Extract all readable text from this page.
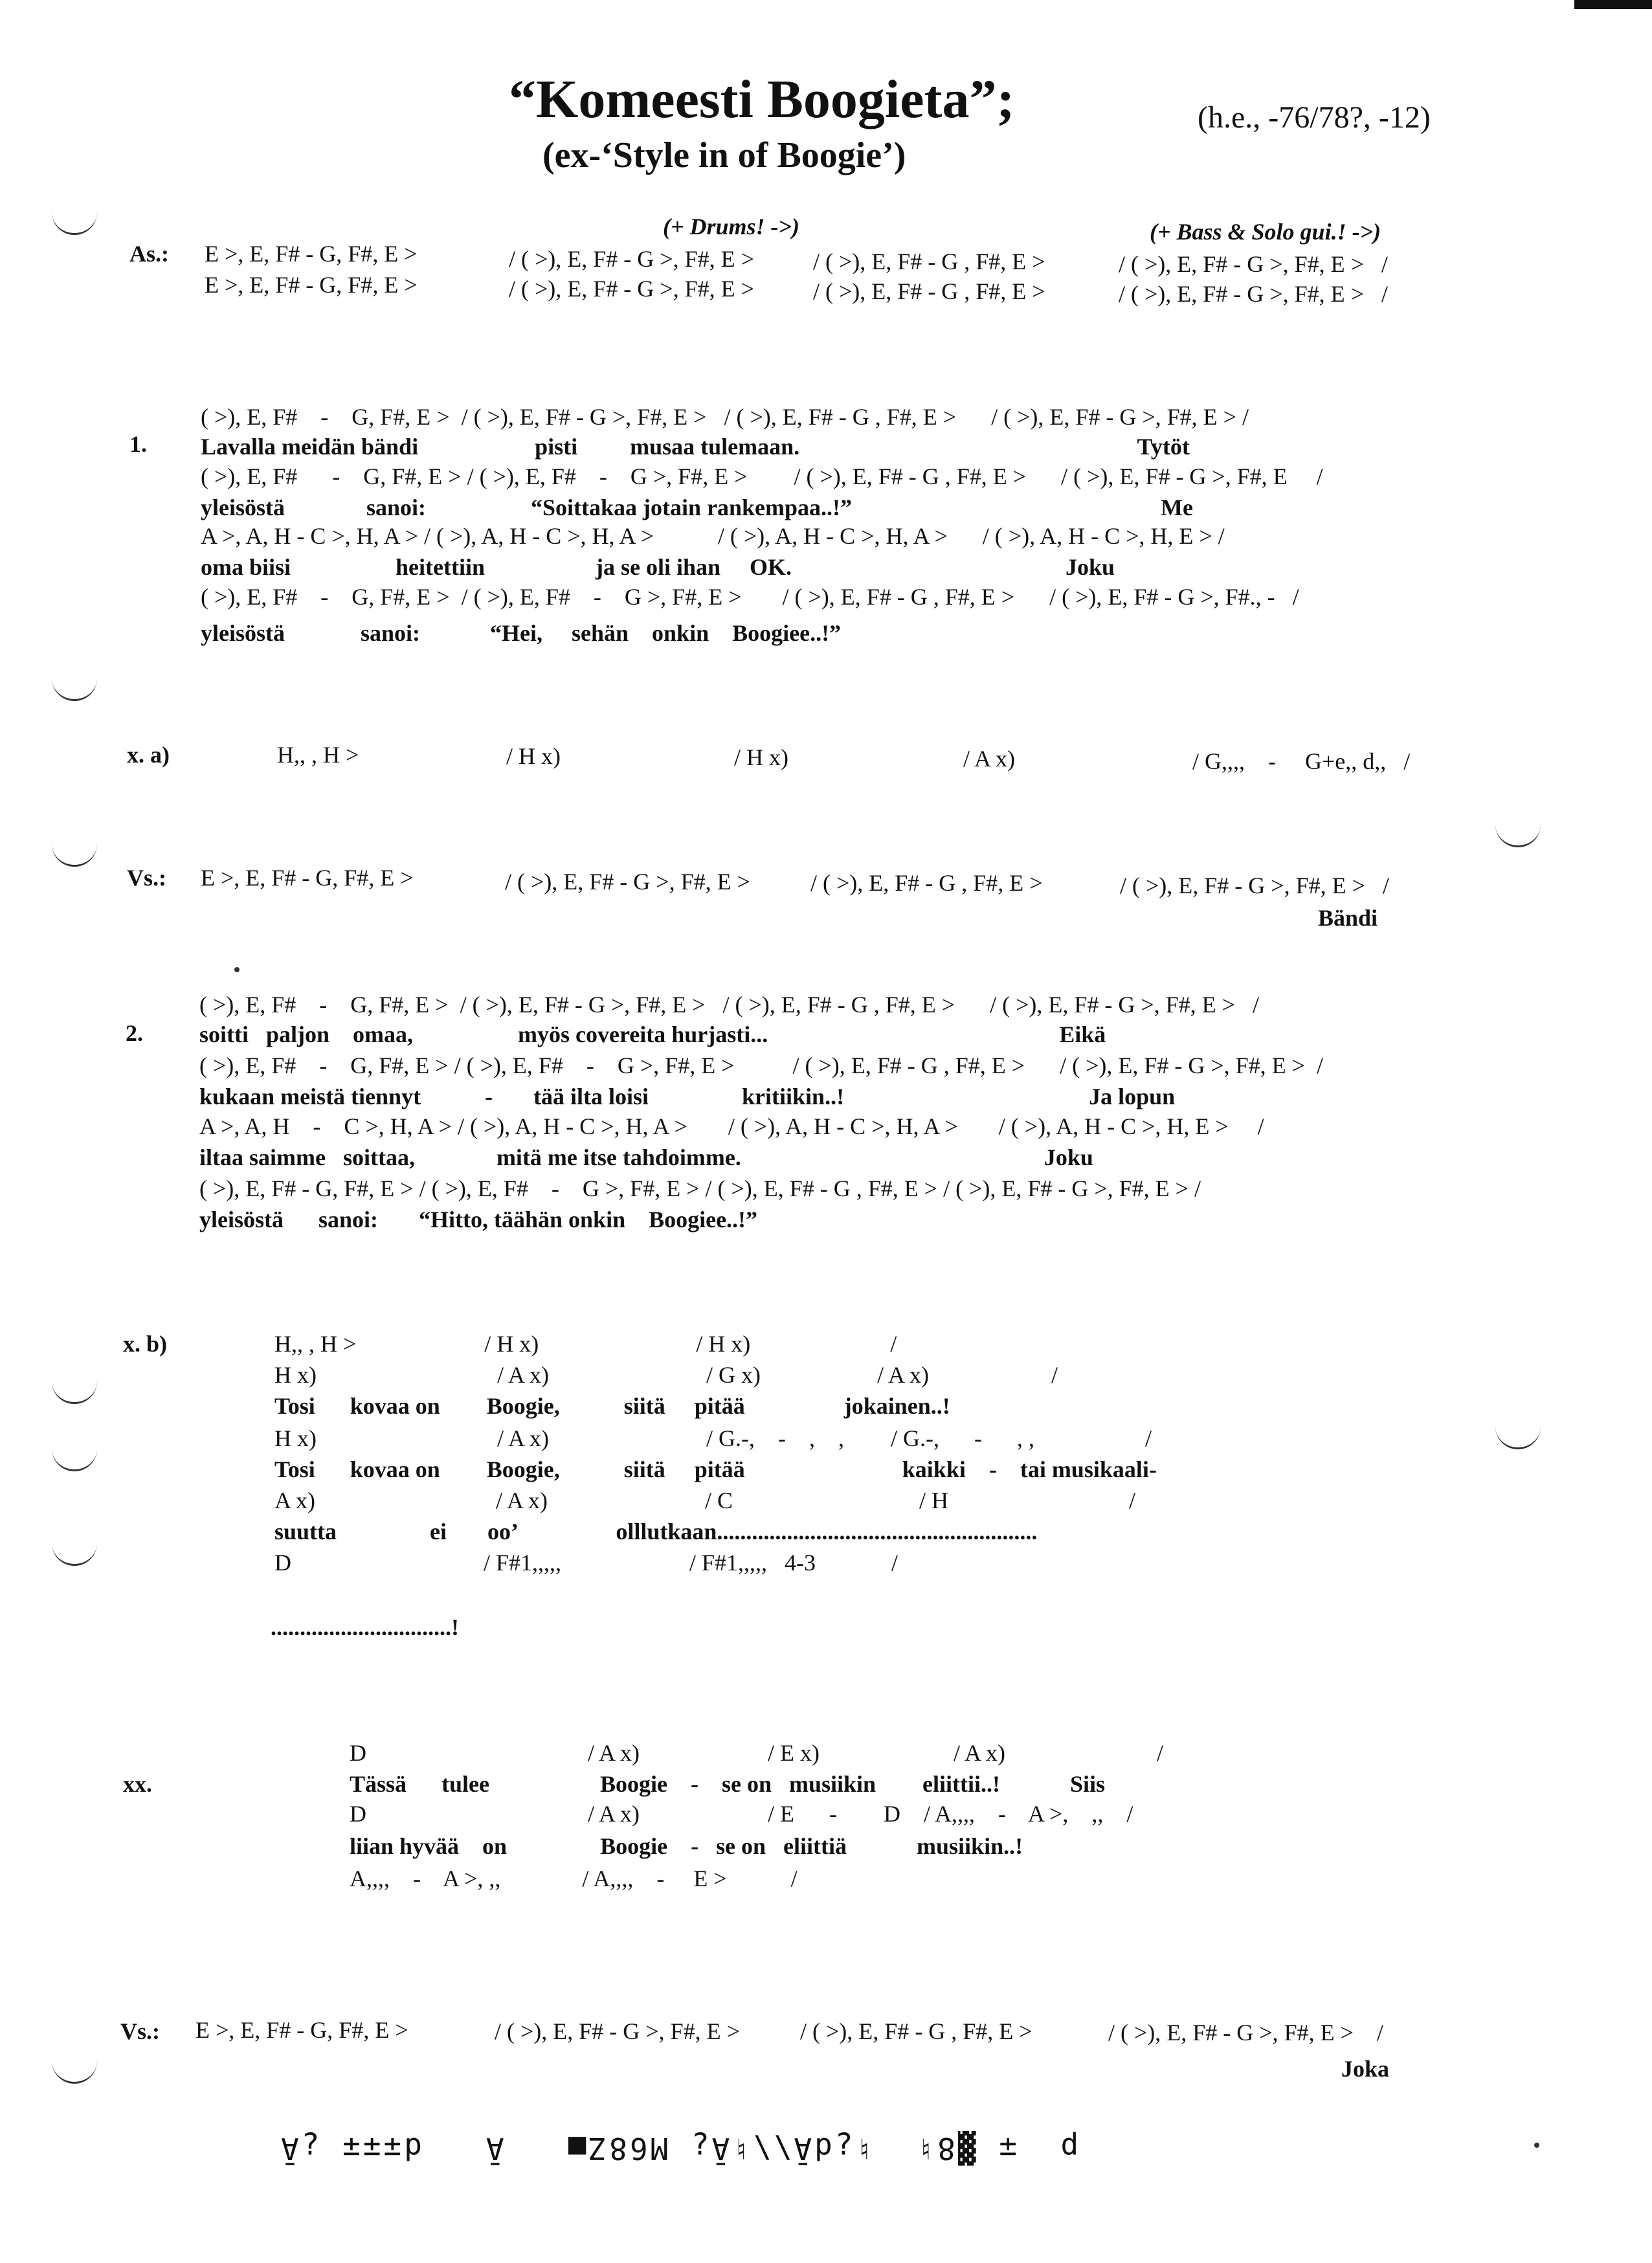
“Komeesti Boogieta”;
(ex-‘Style in of Boogie’)
(h.e., -76/78?, -12)
As.:
(+ Drums! ->)	(+ Bass & Solo gui.! ->)
E >, E, F# - G, F#, E >	/ ( >), E, F# - G >, F#, E >	/ ( >), E, F# - G , F#, E >	/ ( >), E, F# - G >, F#, E >   /
E >, E, F# - G, F#, E >	/ ( >), E, F# - G >, F#, E >	/ ( >), E, F# - G , F#, E >	/ ( >), E, F# - G >, F#, E >   /
1.
( >), E, F#    -    G, F#, E >  / ( >), E, F# - G >, F#, E >   / ( >), E, F# - G , F#, E >      / ( >), E, F# - G >, F#, E > /
Lavalla meidän bändi                    pisti         musaa tulemaan.                                                          Tytöt
( >), E, F#      -    G, F#, E > / ( >), E, F#    -    G >, F#, E >        / ( >), E, F# - G , F#, E >      / ( >), E, F# - G >, F#, E     /
yleisöstä              sanoi:                  “Soittakaa jotain rankempaa..!”                                                     Me
A >, A, H - C >, H, A > / ( >), A, H - C >, H, A >           / ( >), A, H - C >, H, A >      / ( >), A, H - C >, H, E > /
oma biisi                  heitettiin                   ja se oli ihan     OK.                                               Joku
( >), E, F#    -    G, F#, E >  / ( >), E, F#    -    G >, F#, E >       / ( >), E, F# - G , F#, E >      / ( >), E, F# - G >, F#., -   /
yleisöstä             sanoi:            “Hei,     sehän    onkin    Boogiee..!”
x. a)	H,, , H >	/ H x)	/ H x)	/ A x)	/ G,,,,    -     G+e,, d,,   /
Vs.: E >, E, F# - G, F#, E >	/ ( >), E, F# - G >, F#, E >	/ ( >), E, F# - G , F#, E >	/ ( >), E, F# - G >, F#, E >   /
Bändi
2.
( >), E, F#    -    G, F#, E >  / ( >), E, F# - G >, F#, E >   / ( >), E, F# - G , F#, E >      / ( >), E, F# - G >, F#, E >   /
soitti   paljon    omaa,                  myös covereita hurjasti...                                                  Eikä
( >), E, F#    -    G, F#, E > / ( >), E, F#    -    G >, F#, E >          / ( >), E, F# - G , F#, E >      / ( >), E, F# - G >, F#, E >  /
kukaan meistä tiennyt           -       tää ilta loisi                kritiikin..!                                          Ja lopun
A >, A, H    -    C >, H, A > / ( >), A, H - C >, H, A >       / ( >), A, H - C >, H, A >       / ( >), A, H - C >, H, E >     /
iltaa saimme   soittaa,              mitä me itse tahdoimme.                                                    Joku
( >), E, F# - G, F#, E > / ( >), E, F#    -    G >, F#, E > / ( >), E, F# - G , F#, E > / ( >), E, F# - G >, F#, E > /
yleisöstä      sanoi:       “Hitto, täähän onkin    Boogiee..!”
x. b)	H,, , H >                      / H x)                           / H x)                        /
H x)                               / A x)                           / G x)                    / A x)                     /
Tosi      kovaa on        Boogie,           siitä     pitää                 jokainen..!
H x)                               / A x)                           / G.-,    -    ,    ,        / G.-,      -      , ,                   /
Tosi      kovaa on        Boogie,           siitä     pitää                           kaikki    -    tai musikaali-
A x)                               / A x)                           / C                                / H                               /
suutta                ei       oo’                 olllutkaan.......................................................
D                                 / F#1,,,,,                      / F#1,,,,,   4-3             /
...............................!
xx.
D                                      / A x)                      / E x)                       / A x)                          /
Tässä      tulee                   Boogie    -    se on   musiikin        eliittii..!            Siis
D                                      / A x)                      / E      -        D    / A,,,,    -    A >,    ,,    /
liian hyvää    on                Boogie    -   se on   eliittiä            musiikin..!
A,,,,    -    A >, ,,              / A,,,,    -     E >           /
Vs.: E >, E, F# - G, F#, E >	/ ( >), E, F# - G >, F#, E >	/ ( >), E, F# - G , F#, E >	/ ( >), E, F# - G >, F#, E >    /
Joka
p  ∓ ▓8♮  ♮¿dĀ\\♮Ā¿ M68Z■   Ā   d∓∓∓ ¿Ā
